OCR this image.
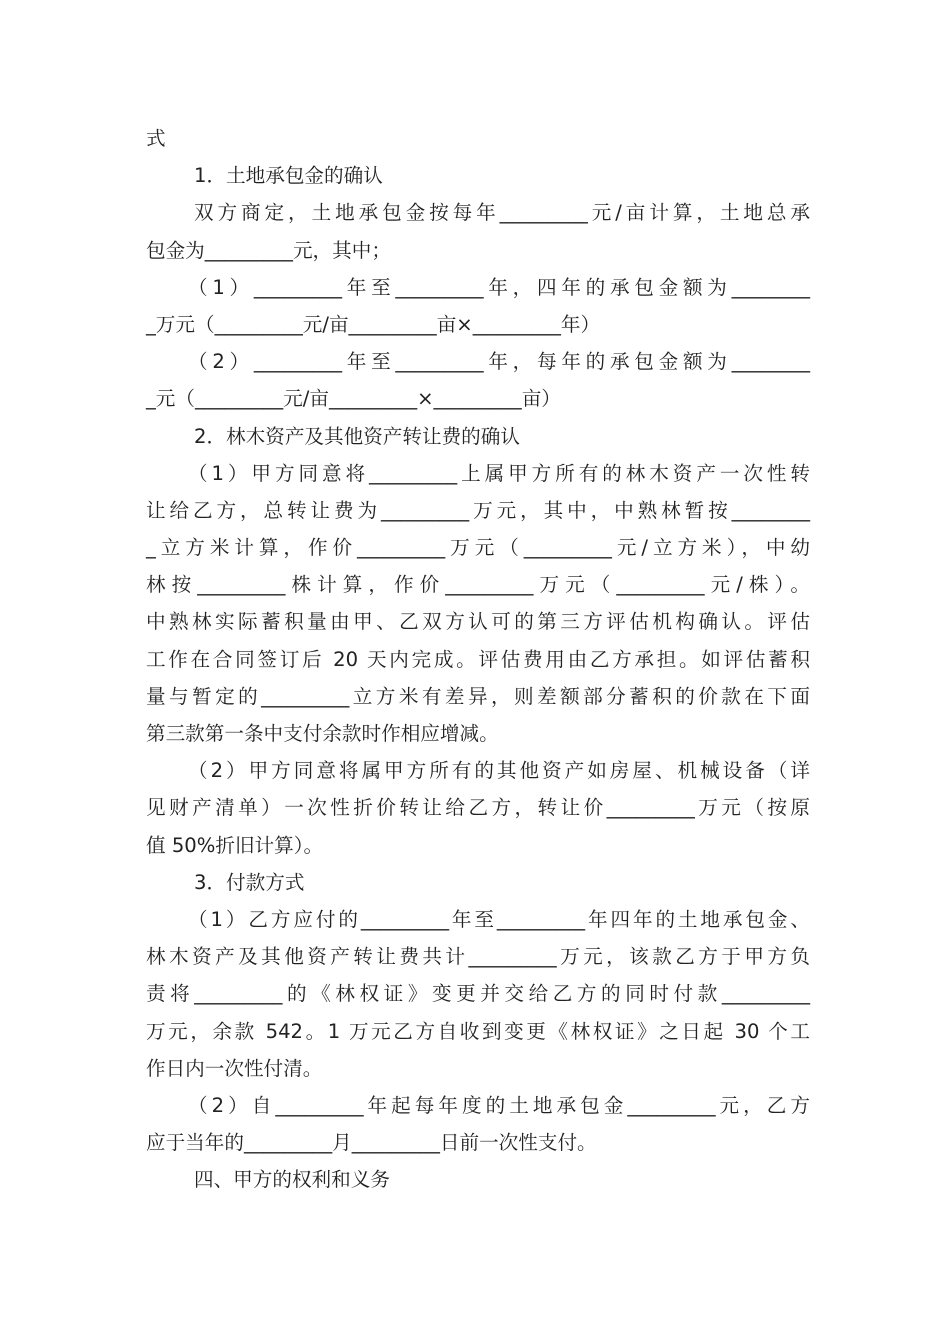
式
1．土地承包金的确认
双方商定，土地承包金按每年_________元/亩计算，土地总承
包金为_________元，其中；
（1）_________年至_________年，四年的承包金额为________
_万元（_________元/亩_________亩×_________年）
（2）_________年至_________年，每年的承包金额为________
_元（_________元/亩_________×_________亩）
2．林木资产及其他资产转让费的确认
（1）甲方同意将_________上属甲方所有的林木资产一次性转
让给乙方，总转让费为_________万元，其中，中熟林暂按________
_立方米计算，作价_________万元（_________元/立方米），中幼
林按_________株计算，作价_________万元（_________元/株）。
中熟林实际蓄积量由甲、乙双方认可的第三方评估机构确认。评估
工作在合同签订后 20 天内完成。评估费用由乙方承担。如评估蓄积
量与暂定的_________立方米有差异，则差额部分蓄积的价款在下面
第三款第一条中支付余款时作相应增减。
（2）甲方同意将属甲方所有的其他资产如房屋、机械设备（详
见财产清单）一次性折价转让给乙方，转让价_________万元（按原
值 50%折旧计算）。
3．付款方式
（1）乙方应付的_________年至_________年四年的土地承包金、
林木资产及其他资产转让费共计_________万元，该款乙方于甲方负
责将_________的《林权证》变更并交给乙方的同时付款_________
万元，余款 542。1 万元乙方自收到变更《林权证》之日起 30 个工
作日内一次性付清。
（2）自_________年起每年度的土地承包金_________元，乙方
应于当年的_________月_________日前一次性支付。
四、甲方的权利和义务
